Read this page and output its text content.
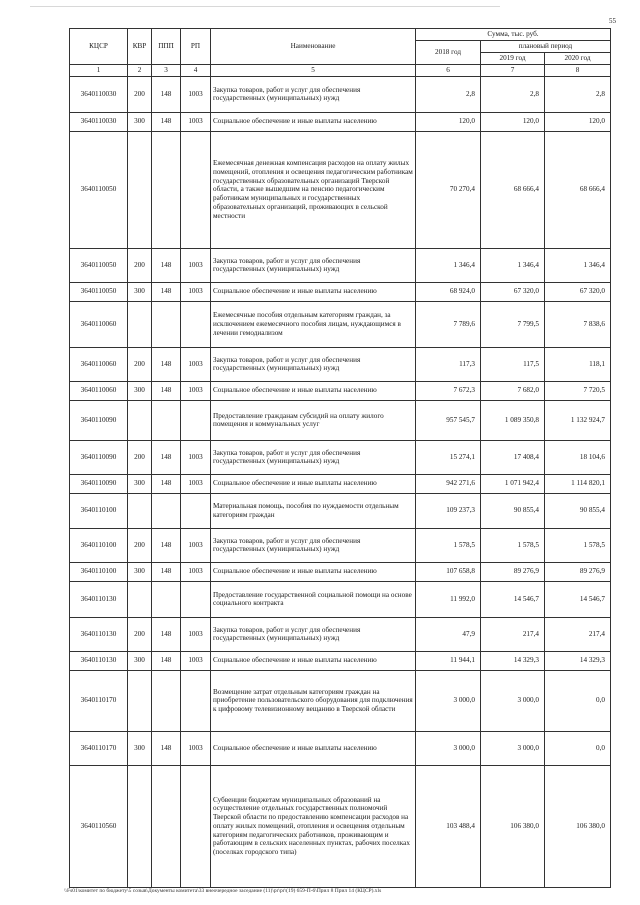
55
КЦСР	КВР	ППП	РП	Наименование	Сумма, тыс. руб.		
					2018 год	плановый период	
						2019 год	2020 год
1	2	3	4	5	6	7	8
3640110030	200	148	1003	Закупка товаров, работ и услуг для обеспечения государственных (муниципальных) нужд	2,8	2,8	2,8
3640110030	300	148	1003	Социальное обеспечение и иные выплаты населению	120,0	120,0	120,0
3640110050				Ежемесячная денежная компенсация расходов на оплату жилых помещений, отопления и освещения педагогическим работникам государственных образовательных организаций Тверской области, а также вышедшим на пенсию педагогическим работникам муниципальных и государственных образовательных организаций, проживающих в сельской местности	70 270,4	68 666,4	68 666,4
3640110050	200	148	1003	Закупка товаров, работ и услуг для обеспечения государственных (муниципальных) нужд	1 346,4	1 346,4	1 346,4
3640110050	300	148	1003	Социальное обеспечение и иные выплаты населению	68 924,0	67 320,0	67 320,0
3640110060				Ежемесячные пособия отдельным категориям граждан, за исключением ежемесячного пособия лицам, нуждающимся в лечении гемодиализом	7 789,6	7 799,5	7 838,6
3640110060	200	148	1003	Закупка товаров, работ и услуг для обеспечения государственных (муниципальных) нужд	117,3	117,5	118,1
3640110060	300	148	1003	Социальное обеспечение и иные выплаты населению	7 672,3	7 682,0	7 720,5
3640110090				Предоставление гражданам субсидий на оплату жилого помещения и коммунальных услуг	957 545,7	1 089 350,8	1 132 924,7
3640110090	200	148	1003	Закупка товаров, работ и услуг для обеспечения государственных (муниципальных) нужд	15 274,1	17 408,4	18 104,6
3640110090	300	148	1003	Социальное обеспечение и иные выплаты населению	942 271,6	1 071 942,4	1 114 820,1
3640110100				Материальная помощь, пособия по нуждаемости отдельным категориям граждан	109 237,3	90 855,4	90 855,4
3640110100	200	148	1003	Закупка товаров, работ и услуг для обеспечения государственных (муниципальных) нужд	1 578,5	1 578,5	1 578,5
3640110100	300	148	1003	Социальное обеспечение и иные выплаты населению	107 658,8	89 276,9	89 276,9
3640110130				Предоставление государственной социальной помощи на основе социального контракта	11 992,0	14 546,7	14 546,7
3640110130	200	148	1003	Закупка товаров, работ и услуг для обеспечения государственных (муниципальных) нужд	47,9	217,4	217,4
3640110130	300	148	1003	Социальное обеспечение и иные выплаты населению	11 944,1	14 329,3	14 329,3
3640110170				Возмещение затрат отдельным категориям граждан на приобретение пользовательского оборудования для подключения к цифровому телевизионному вещанию в Тверской области	3 000,0	3 000,0	0,0
3640110170	300	148	1003	Социальное обеспечение и иные выплаты населению	3 000,0	3 000,0	0,0
3640110560				Субвенции бюджетам муниципальных образований на осуществление отдельных государственных полномочий Тверской области по предоставлению компенсации расходов на оплату жилых помещений, отопления и освещения отдельным категориям педагогических работников, проживающим и работающим в сельских населенных пунктах, рабочих поселках (поселках городского типа)	103 488,4	106 380,0	106 380,0
\\Fs01\комитет по бюджету\5 созыв\Документы комитета\33 внеочередное заседание (11)\pr\pr\(19) 659-П-6\Прил 8 Прил 14 (КЦСР).xls
